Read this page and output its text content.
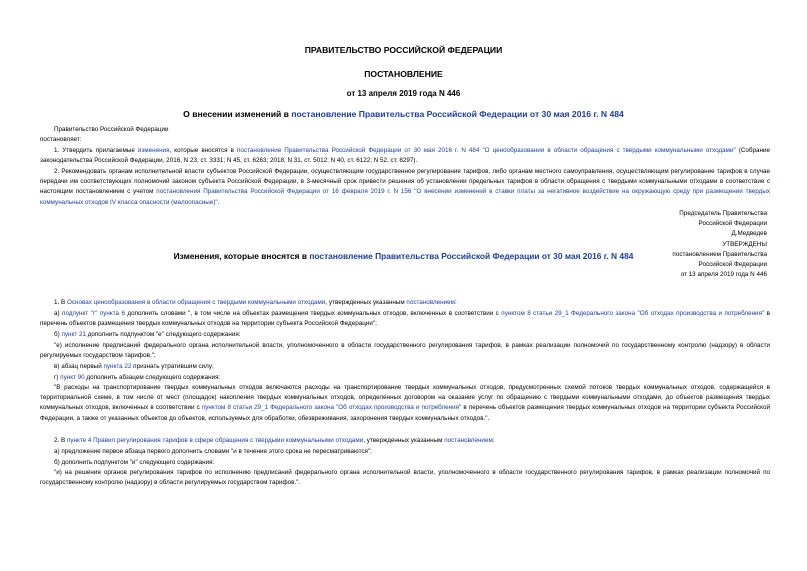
ПРАВИТЕЛЬСТВО РОССИЙСКОЙ ФЕДЕРАЦИИ
ПОСТАНОВЛЕНИЕ
от 13 апреля 2019 года N 446
О внесении изменений в постановление Правительства Российской Федерации от 30 мая 2016 г. N 484
Правительство Российской Федерации
постановляет:
1. Утвердить прилагаемые изменения, которые вносятся в постановление Правительства Российской Федерации от 30 мая 2016 г. N 484 "О ценообразовании в области обращения с твердыми коммунальными отходами" (Собрание законодательства Российской Федерации, 2016, N 23, ст. 3331; N 45, ст. 6263; 2018, N 31, ст. 5012; N 40, ст. 6122; N 52, ст. 8297).
2. Рекомендовать органам исполнительной власти субъектов Российской Федерации, осуществляющим государственное регулирование тарифов, либо органам местного самоуправления, осуществляющим регулирование тарифов в случае передачи им соответствующих полномочий законом субъекта Российской Федерации, в 3-месячный срок привести решения об установлении предельных тарифов в области обращения с твердыми коммунальными отходами в соответствие с настоящим постановлением с учетом постановления Правительства Российской Федерации от 16 февраля 2019 г. N 156 "О внесении изменений в ставки платы за негативное воздействие на окружающую среду при размещении твердых коммунальных отходов IV класса опасности (малоопасные)".
Председатель Правительства
Российской Федерации
Д.Медведев
УТВЕРЖДЕНЫ
постановлением Правительства
Российской Федерации
от 13 апреля 2019 года N 446
Изменения, которые вносятся в постановление Правительства Российской Федерации от 30 мая 2016 г. N 484
1. В Основах ценообразования в области обращения с твердыми коммунальными отходами, утвержденных указанным постановлением:
а) подпункт "г" пункта 6 дополнить словами ", в том числе на объектах размещения твердых коммунальных отходов, включенных в соответствии с пунктом 8 статьи 29_1 Федерального закона "Об отходах производства и потребления" в перечень объектов размещения твердых коммунальных отходов на территории субъекта Российской Федерации";
б) пункт 21 дополнить подпунктом "е" следующего содержания:
"е) исполнение предписаний федерального органа исполнительной власти, уполномоченного в области государственного регулирования тарифов, в рамках реализации полномочий по государственному контролю (надзору) в области регулируемых государством тарифов.";
в) абзац первый пункта 22 признать утратившим силу;
г) пункт 90 дополнить абзацем следующего содержания:
"В расходы на транспортирование твердых коммунальных отходов включаются расходы на транспортирование твердых коммунальных отходов, предусмотренных схемой потоков твердых коммунальных отходов, содержащейся в территориальной схеме, в том числе от мест (площадок) накопления твердых коммунальных отходов, определенных договором на оказание услуг по обращению с твердыми коммунальными отходами, до объектов размещения твердых коммунальных отходов, включенных в соответствии с пунктом 8 статьи 29_1 Федерального закона "Об отходах производства и потребления" в перечень объектов размещения твердых коммунальных отходов на территории субъекта Российской Федерации, а также от указанных объектов до объектов, используемых для обработки, обезвреживания, захоронения твердых коммунальных отходов.".
2. В пункте 4 Правил регулирования тарифов в сфере обращения с твердыми коммунальными отходами, утвержденных указанным постановлением:
а) предложение первое абзаца первого дополнить словами "и в течение этого срока не пересматриваются";
б) дополнить подпунктом "и" следующего содержания:
"и) на решения органов регулирования тарифов по исполнению предписаний федерального органа исполнительной власти, уполномоченного в области государственного регулирования тарифов, в рамках реализации полномочий по государственному контролю (надзору) в области регулируемых государством тарифов.".
